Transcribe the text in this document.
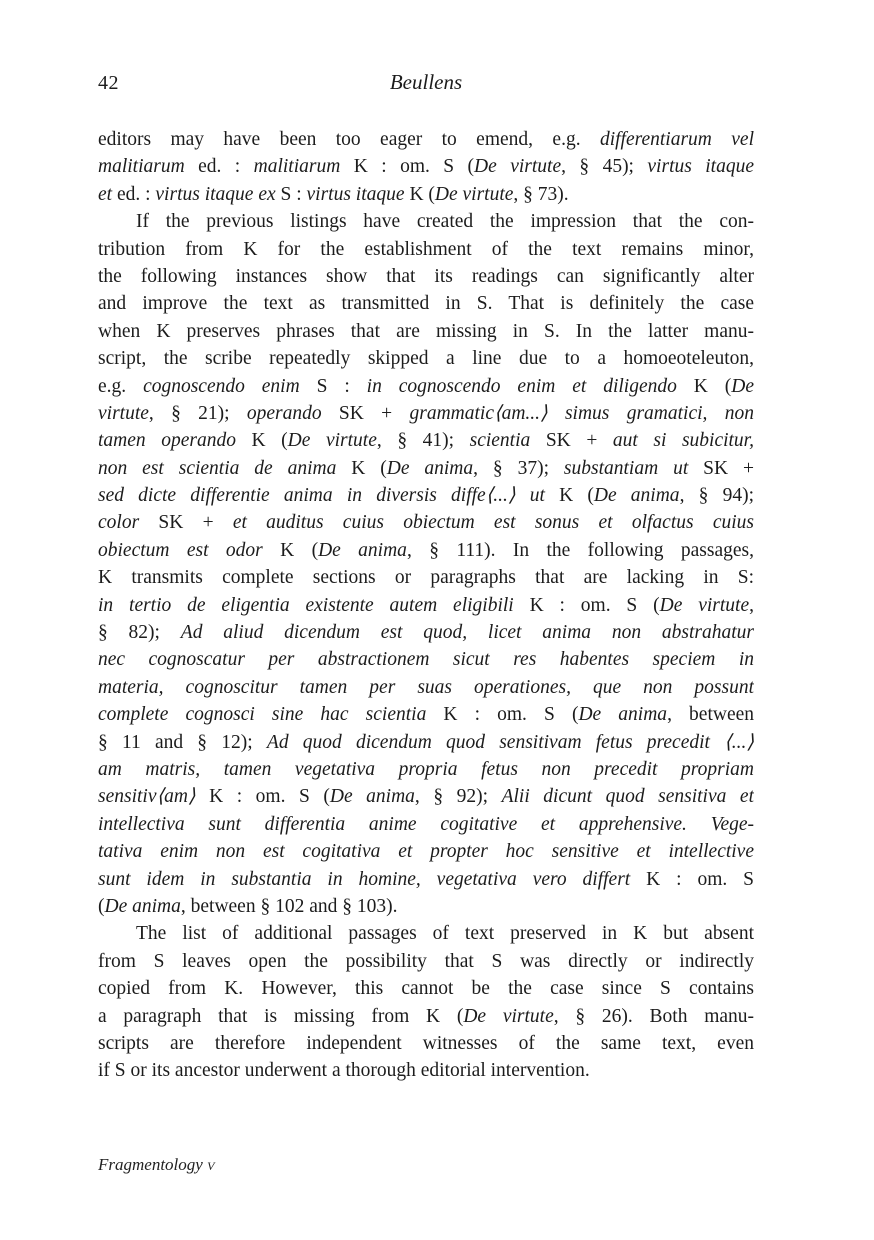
42	Beullens
editors may have been too eager to emend, e.g. differentiarum vel
malitiarum ed. : malitiarum K : om. S (De virtute, § 45); virtus itaque
et ed. : virtus itaque ex S : virtus itaque K (De virtute, § 73).
If the previous listings have created the impression that the con-
tribution from K for the establishment of the text remains minor,
the following instances show that its readings can significantly alter
and improve the text as transmitted in S. That is definitely the case
when K preserves phrases that are missing in S. In the latter manu-
script, the scribe repeatedly skipped a line due to a homoeoteleuton,
e.g. cognoscendo enim S : in cognoscendo enim et diligendo K (De
virtute, § 21); operando SK + grammatic⟨am...⟩ simus gramatici, non
tamen operando K (De virtute, § 41); scientia SK + aut si subicitur,
non est scientia de anima K (De anima, § 37); substantiam ut SK +
sed dicte differentie anima in diversis diffe⟨...⟩ ut K (De anima, § 94);
color SK + et auditus cuius obiectum est sonus et olfactus cuius
obiectum est odor K (De anima, § 111). In the following passages,
K transmits complete sections or paragraphs that are lacking in S:
in tertio de eligentia existente autem eligibili K : om. S (De virtute,
§ 82); Ad aliud dicendum est quod, licet anima non abstrahatur
nec cognoscatur per abstractionem sicut res habentes speciem in
materia, cognoscitur tamen per suas operationes, que non possunt
complete cognosci sine hac scientia K : om. S (De anima, between
§ 11 and § 12); Ad quod dicendum quod sensitivam fetus precedit ⟨...⟩
am matris, tamen vegetativa propria fetus non precedit propriam
sensitiv⟨am⟩ K : om. S (De anima, § 92); Alii dicunt quod sensitiva et
intellectiva sunt differentia anime cogitative et apprehensive. Vege-
tativa enim non est cogitativa et propter hoc sensitive et intellective
sunt idem in substantia in homine, vegetativa vero differt K : om. S
(De anima, between § 102 and § 103).
The list of additional passages of text preserved in K but absent
from S leaves open the possibility that S was directly or indirectly
copied from K. However, this cannot be the case since S contains
a paragraph that is missing from K (De virtute, § 26). Both manu-
scripts are therefore independent witnesses of the same text, even
if S or its ancestor underwent a thorough editorial intervention.
Fragmentology v
